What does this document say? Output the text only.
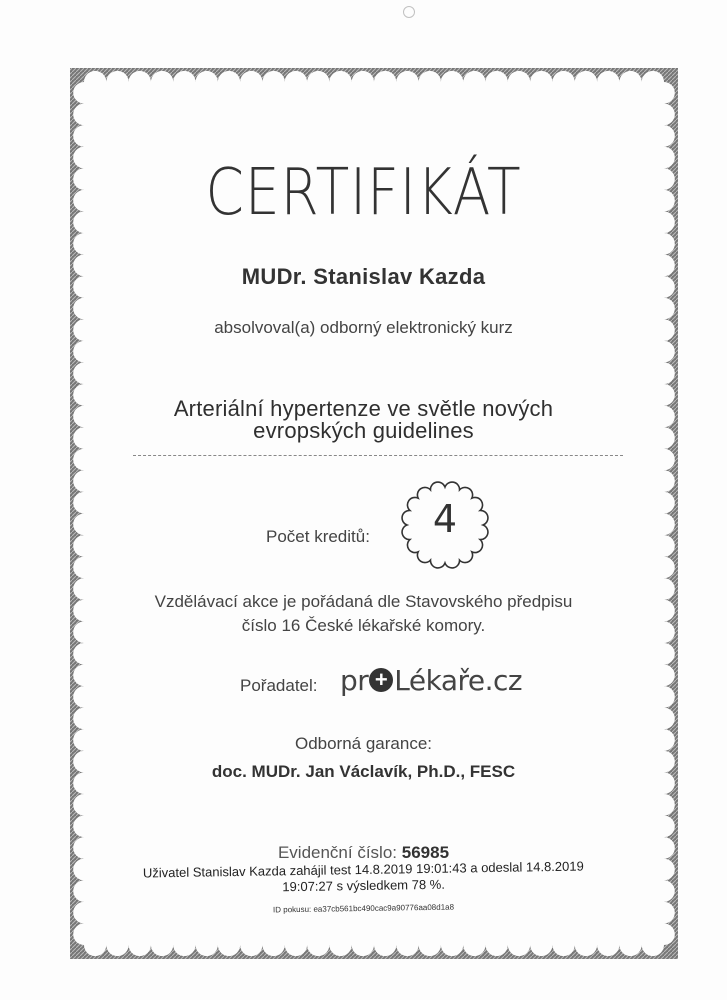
CERTIFIKÁT
MUDr. Stanislav Kazda
absolvoval(a) odborný elektronický kurz
Arteriální hypertenze ve světle nových
evropských guidelines
Počet kreditů:	4
Vzdělávací akce je pořádaná dle Stavovského předpisu
číslo 16 České lékařské komory.
Pořadatel: pr + Lékaře.cz
Odborná garance:
doc. MUDr. Jan Václavík, Ph.D., FESC
Evidenční číslo: 56985
Uživatel Stanislav Kazda zahájil test 14.8.2019 19:01:43 a odeslal 14.8.2019
19:07:27 s výsledkem 78 %.
ID pokusu: ea37cb561bc490cac9a90776aa08d1a8
